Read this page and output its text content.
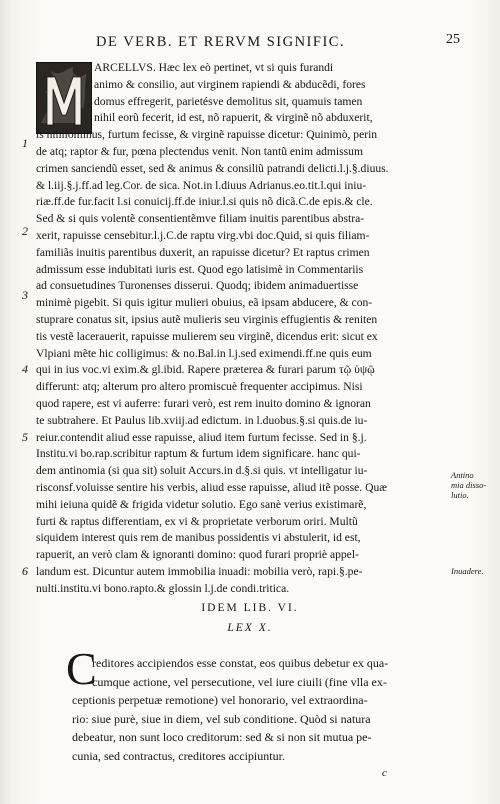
DE VERB. ET RERVM SIGNIFIC.	25
ARCELLVS. Hæc lex eò pertinet, vt si quis furandi
animo & consilio, aut virginem rapiendi & abducẽdi, fores
domus effregerit, parietésve demolitus sit, quamuis tamen
nihil eorũ fecerit, id est, nõ rapuerit, & virginẽ nõ abduxerit,
is nihilominus, furtum fecisse, & virginẽ rapuisse dicetur: Quinimò, perin
de atq; raptor & fur, pœna plectendus venit. Non tantũ enim admissum
crimen sanciendũ esset, sed & animus & consiliũ patrandi delicti.l.j.§.diuus.
& l.iij.§.j.ff.ad leg.Cor. de sica. Not.in l.diuus Adrianus.eo.tit.l.qui iniu-
riæ.ff.de fur.facit l.si conuicij.ff.de iniur.l.si quis nõ dicã.C.de epis.& cle.
Sed & si quis volentẽ consentientẽmve filiam inuitis parentibus abstra-
xerit, rapuisse censebitur.l.j.C.de raptu virg.vbi doc.Quid, si quis filiam-
familiãs inuitis parentibus duxerit, an rapuisse dicetur? Et raptus crimen
admissum esse indubitati iuris est. Quod ego latisimè in Commentariis
ad consuetudines Turonenses disserui. Quodq; ibidem animaduertisse
minimè pigebit. Si quis igitur mulieri obuius, eã ipsam abducere, & con-
stuprare conatus sit, ipsius autẽ mulieris seu virginis effugientis & reniten
tis vestẽ lacerauerit, rapuisse mulierem seu virginẽ, dicendus erit: sicut ex
Vlpiani mẽte hic colligimus: & no.Bal.in l.j.sed eximendi.ff.ne quis eum
qui in ius voc.vi exim.& gl.ibid. Rapere præterea & furari parum τῷ ὑψῷ
differunt: atq; alterum pro altero promiscuè frequenter accipimus. Nisi
quod rapere, est vi auferre: furari verò, est rem inuito domino & ignoran
te subtrahere. Et Paulus lib.xviij.ad edictum. in l.duobus.§.si quis.de iu-
reiur.contendit aliud esse rapuisse, aliud item furtum fecisse. Sed in §.j.
Institu.vi bo.rap.scribitur raptum & furtum idem significare. hanc qui-
dem antinomia (si qua sit) soluit Accurs.in d.§.si quis. vt intelligatur iu-
risconsf.voluisse sentire his verbis, aliud esse rapuisse, aliud itẽ posse. Quæ
mihi ieiuna quidẽ & frigida videtur solutio. Ego sanè verius existimarẽ,
furti & raptus differentiam, ex vi & proprietate verborum oriri. Multũ
siquidem interest quis rem de manibus possidentis vi abstulerit, id est,
rapuerit, an verò clam & ignoranti domino: quod furari propriè appel-
landum est. Dicuntur autem immobilia inuadi: mobilia verò, rapi.§.pe-
nulti.institu.vi bono.rapto.& glossin l.j.de condi.tritica.
1
2
3
4
5
6
Antino
mia disso-
lutio.
Inuadere.
IDEM LIB. VI.
LEX X.
C
reditores accipiendos esse constat, eos quibus debetur ex qua-
cumque actione, vel persecutione, vel iure ciuili (fine vlla ex-
ceptionis perpetuæ remotione) vel honorario, vel extraordina-
rio: siue purè, siue in diem, vel sub conditione. Quòd si natura
debeatur, non sunt loco creditorum: sed & si non sit mutua pe-
cunia, sed contractus, creditores accipiuntur.
c
